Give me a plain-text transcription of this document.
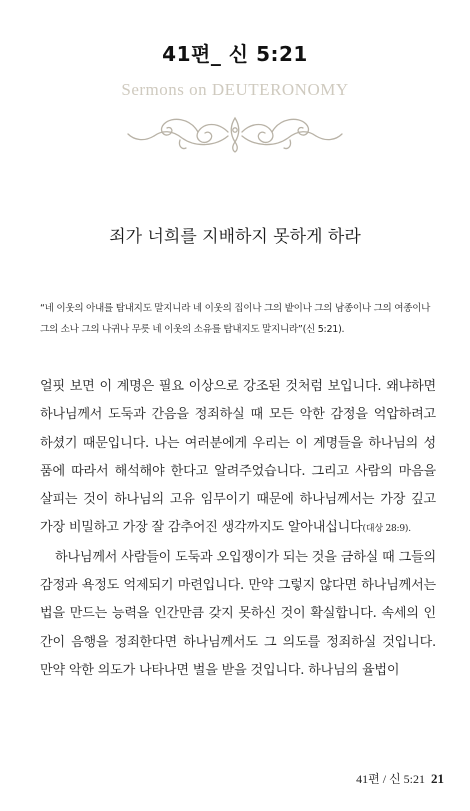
41편_ 신 5:21
Sermons on DEUTERONOMY
죄가 너희를 지배하지 못하게 하라
“네 이웃의 아내를 탐내지도 말지니라 네 이웃의 집이나 그의 밭이나 그의 남종이나 그의 여종이나 그의 소나 그의 나귀나 무릇 네 이웃의 소유를 탐내지도 말지니라”(신 5:21).

얼핏 보면 이 계명은 필요 이상으로 강조된 것처럼 보입니다. 왜냐하면 하나님께서 도둑과 간음을 정죄하실 때 모든 악한 감정을 억압하려고 하셨기 때문입니다. 나는 여러분에게 우리는 이 계명들을 하나님의 성품에 따라서 해석해야 한다고 알려주었습니다. 그리고 사람의 마음을 살피는 것이 하나님의 고유 임무이기 때문에 하나님께서는 가장 깊고 가장 비밀하고 가장 잘 감추어진 생각까지도 알아내십니다(대상 28:9).

하나님께서 사람들이 도둑과 오입쟁이가 되는 것을 금하실 때 그들의 감정과 욕정도 억제되기 마련입니다. 만약 그렇지 않다면 하나님께서는 법을 만드는 능력을 인간만큼 갖지 못하신 것이 확실합니다. 속세의 인간이 음행을 정죄한다면 하나님께서도 그 의도를 정죄하실 것입니다. 만약 악한 의도가 나타나면 벌을 받을 것입니다. 하나님의 율법이

41편 / 신 5:21 21
